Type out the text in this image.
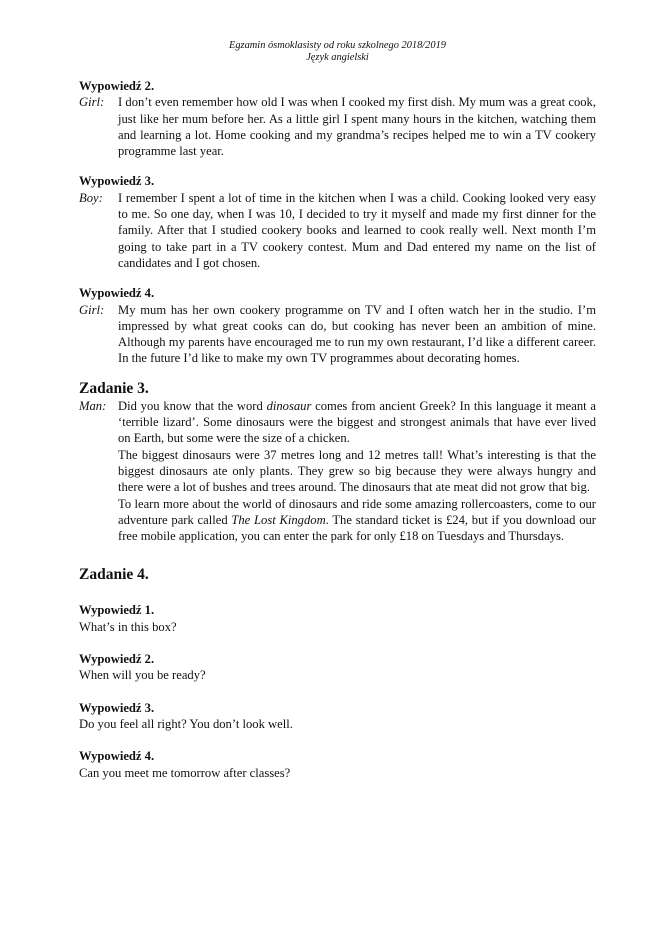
Egzamin ósmoklasisty od roku szkolnego 2018/2019
Język angielski
Wypowiedź 2.
Girl:	I don’t even remember how old I was when I cooked my first dish. My mum was a great cook, just like her mum before her. As a little girl I spent many hours in the kitchen, watching them and learning a lot. Home cooking and my grandma’s recipes helped me to win a TV cookery programme last year.
Wypowiedź 3.
Boy:	I remember I spent a lot of time in the kitchen when I was a child. Cooking looked very easy to me. So one day, when I was 10, I decided to try it myself and made my first dinner for the family. After that I studied cookery books and learned to cook really well. Next month I’m going to take part in a TV cookery contest. Mum and Dad entered my name on the list of candidates and I got chosen.
Wypowiedź 4.
Girl:	My mum has her own cookery programme on TV and I often watch her in the studio. I’m impressed by what great cooks can do, but cooking has never been an ambition of mine. Although my parents have encouraged me to run my own restaurant, I’d like a different career. In the future I’d like to make my own TV programmes about decorating homes.
Zadanie 3.
Man: Did you know that the word dinosaur comes from ancient Greek? In this language it meant a ‘terrible lizard’. Some dinosaurs were the biggest and strongest animals that have ever lived on Earth, but some were the size of a chicken.

The biggest dinosaurs were 37 metres long and 12 metres tall! What’s interesting is that the biggest dinosaurs ate only plants. They grew so big because they were always hungry and there were a lot of bushes and trees around. The dinosaurs that ate meat did not grow that big.

To learn more about the world of dinosaurs and ride some amazing rollercoasters, come to our adventure park called The Lost Kingdom. The standard ticket is £24, but if you download our free mobile application, you can enter the park for only £18 on Tuesdays and Thursdays.

Zadanie 4.
Wypowiedź 1.
What’s in this box?
Wypowiedź 2.
When will you be ready?
Wypowiedź 3.
Do you feel all right? You don’t look well.
Wypowiedź 4.
Can you meet me tomorrow after classes?
